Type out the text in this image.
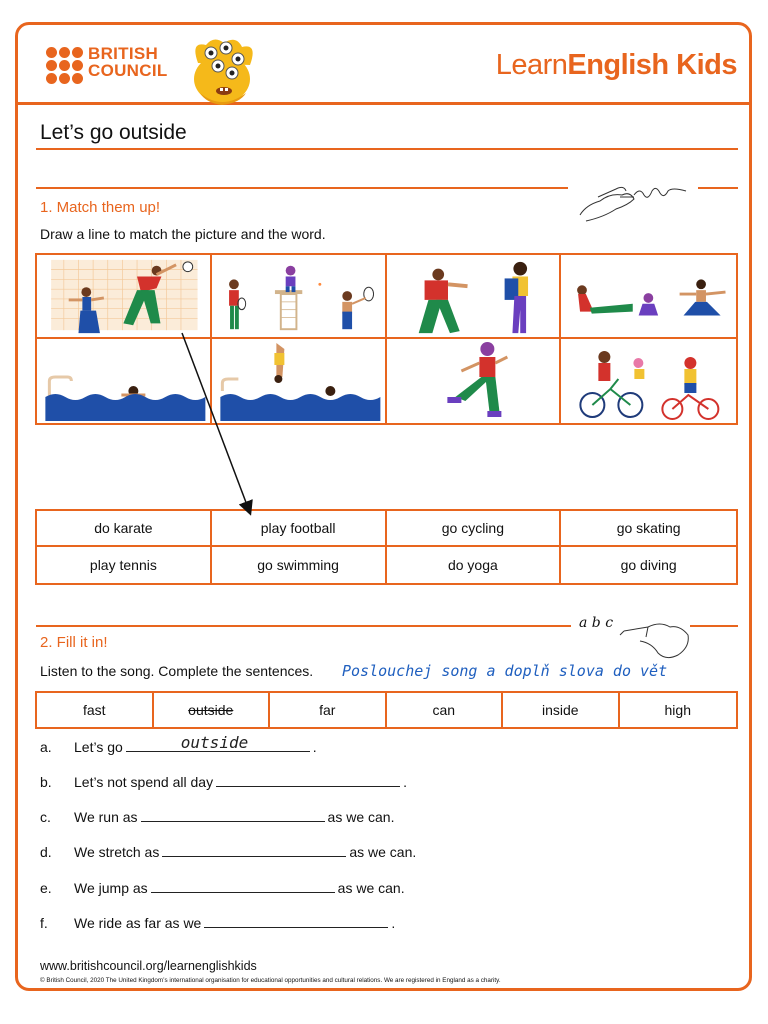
BRITISH
COUNCIL	LearnEnglish Kids
Let’s go outside
1. Match them up!
Draw a line to match the picture and the word.
do karate	play football	go cycling	go skating
play tennis	go swimming	do yoga	go diving
a b c
2. Fill it in!
Listen to the song. Complete the sentences. Poslouchej song a doplň slova do vět
fast	outside	far	can	inside	high
a.	Let’s go	outside	.
b.	Let’s not spend all day	.
c.	We run as	as we can.
d.	We stretch as	as we can.
e.	We jump as	as we can.
f.	We ride as far as we	.
www.britishcouncil.org/learnenglishkids
© British Council, 2020 The United Kingdom’s international organisation for educational opportunities and cultural relations. We are registered in England as a charity.
